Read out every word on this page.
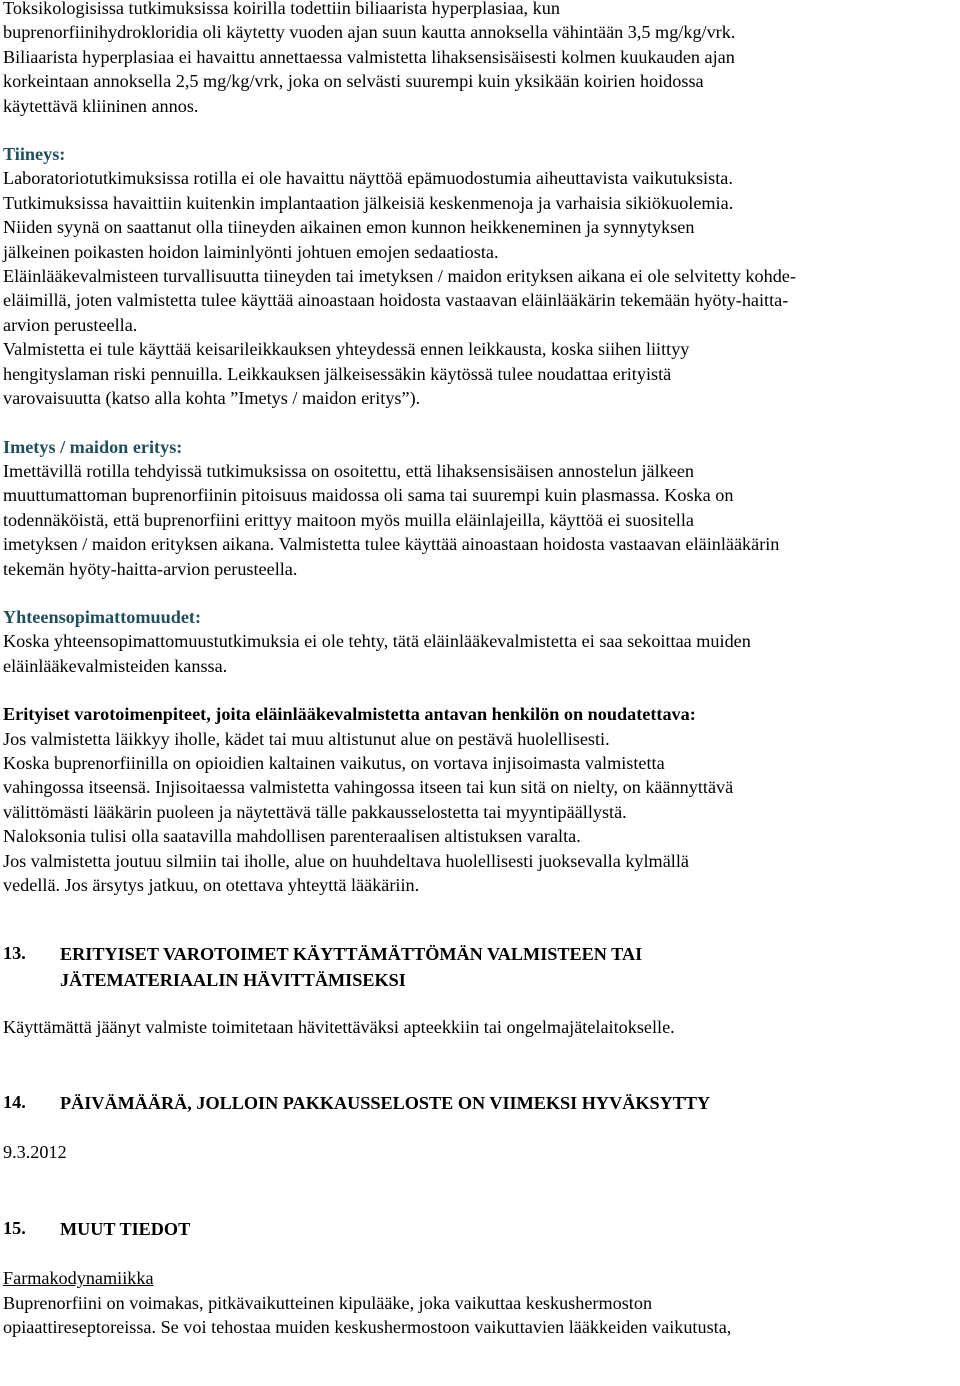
Toksikologisissa tutkimuksissa koirilla todettiin biliaarista hyperplasiaa, kun
buprenorfiinihydrokloridia oli käytetty vuoden ajan suun kautta annoksella vähintään 3,5 mg/kg/vrk.
Biliaarista hyperplasiaa ei havaittu annettaessa valmistetta lihaksensisäisesti kolmen kuukauden ajan
korkeintaan annoksella 2,5 mg/kg/vrk, joka on selvästi suurempi kuin yksikään koirien hoidossa
käytettävä kliininen annos.

Tiineys:
Laboratoriotutkimuksissa rotilla ei ole havaittu näyttöä epämuodostumia aiheuttavista vaikutuksista.
Tutkimuksissa havaittiin kuitenkin implantaation jälkeisiä keskenmenoja ja varhaisia sikiökuolemia.
Niiden syynä on saattanut olla tiineyden aikainen emon kunnon heikkeneminen ja synnytyksen
jälkeinen poikasten hoidon laiminlyönti johtuen emojen sedaatiosta.
Eläinlääkevalmisteen turvallisuutta tiineyden tai imetyksen / maidon erityksen aikana ei ole selvitetty kohde-
eläimillä, joten valmistetta tulee käyttää ainoastaan hoidosta vastaavan eläinlääkärin tekemään hyöty-haitta-
arvion perusteella.
Valmistetta ei tule käyttää keisarileikkauksen yhteydessä ennen leikkausta, koska siihen liittyy
hengityslaman riski pennuilla. Leikkauksen jälkeisessäkin käytössä tulee noudattaa erityistä
varovaisuutta (katso alla kohta ”Imetys / maidon eritys”).

Imetys / maidon eritys:
Imettävillä rotilla tehdyissä tutkimuksissa on osoitettu, että lihaksensisäisen annostelun jälkeen
muuttumattoman buprenorfiinin pitoisuus maidossa oli sama tai suurempi kuin plasmassa. Koska on
todennäköistä, että buprenorfiini erittyy maitoon myös muilla eläinlajeilla, käyttöä ei suositella
imetyksen / maidon erityksen aikana. Valmistetta tulee käyttää ainoastaan hoidosta vastaavan eläinlääkärin
tekemän hyöty-haitta-arvion perusteella.

Yhteensopimattomuudet:
Koska yhteensopimattomuustutkimuksia ei ole tehty, tätä eläinlääkevalmistetta ei saa sekoittaa muiden
eläinlääkevalmisteiden kanssa.

Erityiset varotoimenpiteet, joita eläinlääkevalmistetta antavan henkilön on noudatettava:
Jos valmistetta läikkyy iholle, kädet tai muu altistunut alue on pestävä huolellisesti.
Koska buprenorfiinilla on opioidien kaltainen vaikutus, on vortava injisoimasta valmistetta
vahingossa itseensä. Injisoitaessa valmistetta vahingossa itseen tai kun sitä on nielty, on käännyttävä
välittömästi lääkärin puoleen ja näytettävä tälle pakkausselostetta tai myyntipäällystä.
Naloksonia tulisi olla saatavilla mahdollisen parenteraalisen altistuksen varalta.
Jos valmistetta joutuu silmiin tai iholle, alue on huuhdeltava huolellisesti juoksevalla kylmällä
vedellä. Jos ärsytys jatkuu, on otettava yhteyttä lääkäriin.

13.	ERITYISET VAROTOIMET KÄYTTÄMÄTTÖMÄN VALMISTEEN TAI
JÄTEMATERIAALIN HÄVITTÄMISEKSI

Käyttämättä jäänyt valmiste toimitetaan hävitettäväksi apteekkiin tai ongelmajätelaitokselle.

14.	PÄIVÄMÄÄRÄ, JOLLOIN PAKKAUSSELOSTE ON VIIMEKSI HYVÄKSYTTY

9.3.2012

15.	MUUT TIEDOT

Farmakodynamiikka
Buprenorfiini on voimakas, pitkävaikutteinen kipulääke, joka vaikuttaa keskushermoston
opiaattireseptoreissa. Se voi tehostaa muiden keskushermostoon vaikuttavien lääkkeiden vaikutusta,
